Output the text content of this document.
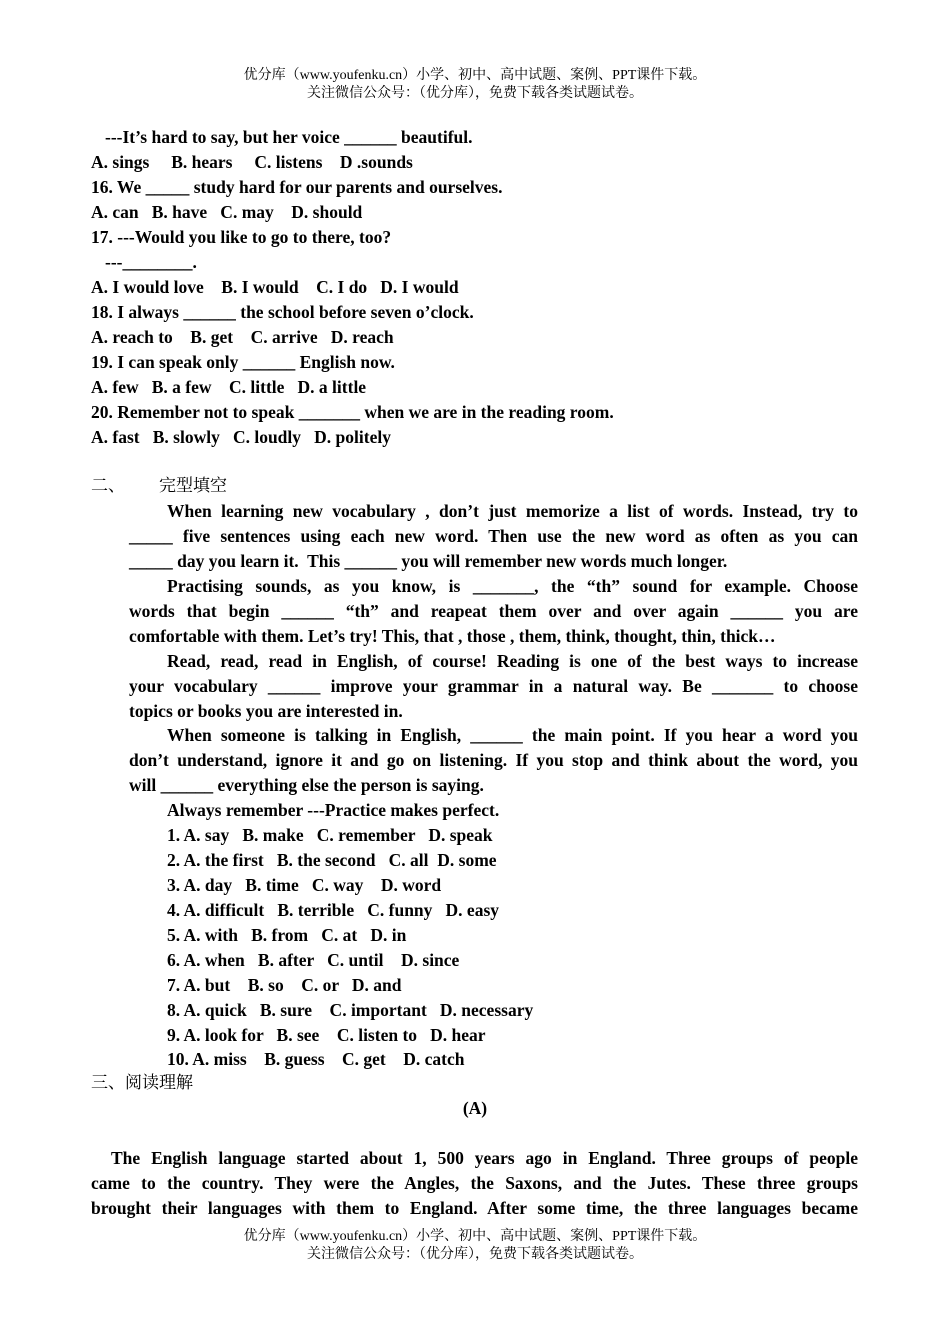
优分库（www.youfenku.cn）小学、初中、高中试题、案例、PPT课件下载。
关注微信公众号：（优分库），免费下载各类试题试卷。
---It’s hard to say, but her voice ______ beautiful.
A. sings     B. hears     C. listens    D .sounds
16. We _____ study hard for our parents and ourselves.
A. can   B. have   C. may    D. should
17. ---Would you like to go to there, too?
---________.
A. I would love    B. I would    C. I do   D. I would
18. I always ______ the school before seven o’clock.
A. reach to    B. get    C. arrive   D. reach
19. I can speak only ______ English now.
A. few   B. a few    C. little   D. a little
20. Remember not to speak _______ when we are in the reading room.
A. fast   B. slowly   C. loudly   D. politely
二、 完型填空
When learning new vocabulary , don’t just memorize a list of words. Instead, try to
_____ five sentences using each new word. Then use the new word as often as you can
_____ day you learn it.  This ______ you will remember new words much longer.
Practising sounds, as you know, is _______, the “th” sound for example. Choose
words that begin ______ “th” and reapeat them over and over again ______ you are
comfortable with them. Let’s try! This, that , those , them, think, thought, thin, thick…
Read, read, read in English, of course! Reading is one of the best ways to increase
your vocabulary ______ improve your grammar in a natural way. Be _______ to choose
topics or books you are interested in.
When someone is talking in English, ______ the main point. If you hear a word you
don’t understand, ignore it and go on listening. If you stop and think about the word, you
will ______ everything else the person is saying.
Always remember ---Practice makes perfect.
1. A. say   B. make   C. remember   D. speak
2. A. the first   B. the second   C. all  D. some
3. A. day   B. time   C. way    D. word
4. A. difficult   B. terrible   C. funny   D. easy
5. A. with   B. from   C. at   D. in
6. A. when   B. after   C. until    D. since
7. A. but    B. so    C. or   D. and
8. A. quick   B. sure    C. important   D. necessary
9. A. look for   B. see    C. listen to   D. hear
10. A. miss    B. guess    C. get    D. catch
三、阅读理解
(A)
The English language started about 1, 500 years ago in England. Three groups of people
came to the country. They were the Angles, the Saxons, and the Jutes. These three groups
brought their languages with them to England. After some time, the three languages became
优分库（www.youfenku.cn）小学、初中、高中试题、案例、PPT课件下载。
关注微信公众号：（优分库），免费下载各类试题试卷。
